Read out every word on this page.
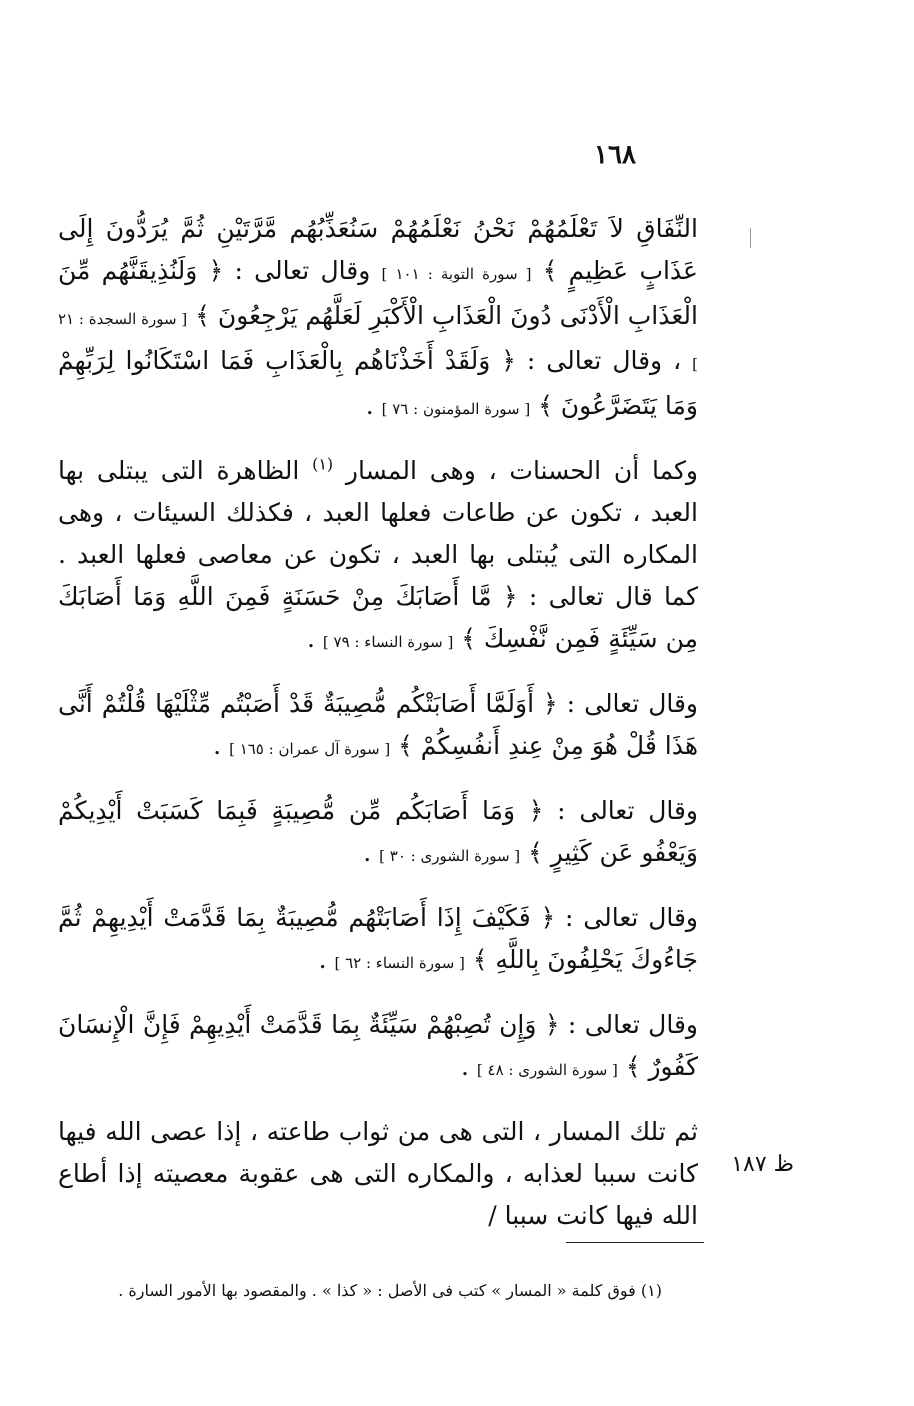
١٦٨

النِّفَاقِ لاَ تَعْلَمُهُمْ نَحْنُ نَعْلَمُهُمْ سَنُعَذِّبُهُم مَّرَّتَيْنِ ثُمَّ يُرَدُّونَ إِلَى عَذَابٍ عَظِيمٍ ﴾ [ سورة التوبة : ١٠١ ] وقال تعالى : ﴿ وَلَنُذِيقَنَّهُم مِّنَ الْعَذَابِ الْأَدْنَى دُونَ الْعَذَابِ الْأَكْبَرِ لَعَلَّهُم يَرْجِعُونَ ﴾ [ سورة السجدة : ٢١ ] ، وقال تعالى : ﴿ وَلَقَدْ أَخَذْنَاهُم بِالْعَذَابِ فَمَا اسْتَكَانُوا لِرَبِّهِمْ وَمَا يَتَضَرَّعُونَ ﴾ [ سورة المؤمنون : ٧٦ ] .

وكما أن الحسنات ، وهى المسار $^{(١)}$ الظاهرة التى يبتلى بها العبد ، تكون عن طاعات فعلها العبد ، فكذلك السيئات ، وهى المكاره التى يُبتلى بها العبد ، تكون عن معاصى فعلها العبد . كما قال تعالى : ﴿ مَّا أَصَابَكَ مِنْ حَسَنَةٍ فَمِنَ اللَّهِ وَمَا أَصَابَكَ مِن سَيِّئَةٍ فَمِن نَّفْسِكَ ﴾ [ سورة النساء : ٧٩ ] .

وقال تعالى : ﴿ أَوَلَمَّا أَصَابَتْكُم مُّصِيبَةٌ قَدْ أَصَبْتُم مِّثْلَيْهَا قُلْتُمْ أَنَّى هَذَا قُلْ هُوَ مِنْ عِندِ أَنفُسِكُمْ ﴾ [ سورة آل عمران : ١٦٥ ] .

وقال تعالى : ﴿ وَمَا أَصَابَكُم مِّن مُّصِيبَةٍ فَبِمَا كَسَبَتْ أَيْدِيكُمْ وَيَعْفُو عَن كَثِيرٍ ﴾ [ سورة الشورى : ٣٠ ] .

وقال تعالى : ﴿ فَكَيْفَ إِذَا أَصَابَتْهُم مُّصِيبَةٌ بِمَا قَدَّمَتْ أَيْدِيهِمْ ثُمَّ جَاءُوكَ يَحْلِفُونَ بِاللَّهِ ﴾ [ سورة النساء : ٦٢ ] .

وقال تعالى : ﴿ وَإِن تُصِبْهُمْ سَيِّئَةٌ بِمَا قَدَّمَتْ أَيْدِيهِمْ فَإِنَّ الْإِنسَانَ كَفُورٌ ﴾ [ سورة الشورى : ٤٨ ] .

ثم تلك المسار ، التى هى من ثواب طاعته ، إذا عصى الله فيها كانت سببا لعذابه ، والمكاره التى هى عقوبة معصيته إذا أطاع الله فيها كانت سببا /

ظ ١٨٧
(١) فوق كلمة « المسار » كتب فى الأصل : « كذا » . والمقصود بها الأمور السارة .
